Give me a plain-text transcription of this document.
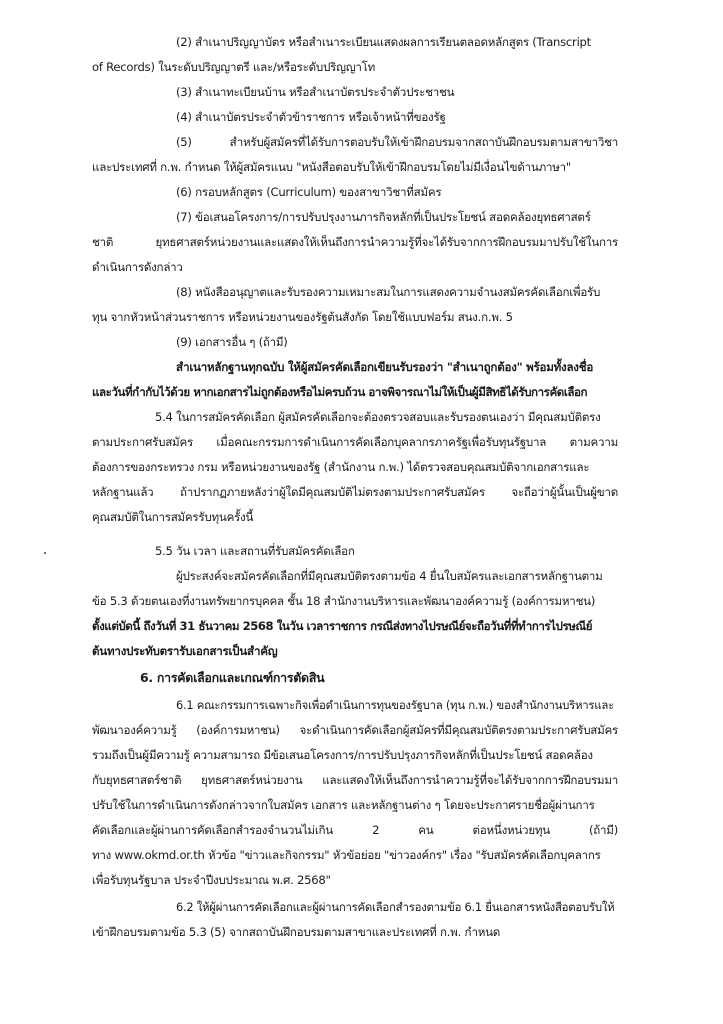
(2) สำเนาปริญญาบัตร หรือสำเนาระเบียนแสดงผลการเรียนตลอดหลักสูตร (Transcript
of Records) ในระดับปริญญาตรี และ/หรือระดับปริญญาโท
(3) สำเนาทะเบียนบ้าน หรือสำเนาบัตรประจำตัวประชาชน
(4) สำเนาบัตรประจำตัวข้าราชการ หรือเจ้าหน้าที่ของรัฐ
(5)	สำหรับผู้สมัครที่ได้รับการตอบรับให้เข้าฝึกอบรมจากสถาบันฝึกอบรมตามสาขาวิชา
และประเทศที่ ก.พ. กำหนด ให้ผู้สมัครแนบ "หนังสือตอบรับให้เข้าฝึกอบรมโดยไม่มีเงื่อนไขด้านภาษา"
(6) กรอบหลักสูตร (Curriculum) ของสาขาวิชาที่สมัคร
(7) ข้อเสนอโครงการ/การปรับปรุงงานภารกิจหลักที่เป็นประโยชน์ สอดคล้องยุทธศาสตร์
ชาติ	ยุทธศาสตร์หน่วยงานและแสดงให้เห็นถึงการนำความรู้ที่จะได้รับจากการฝึกอบรมมาปรับใช้ในการ
ดำเนินการดังกล่าว
(8) หนังสืออนุญาตและรับรองความเหมาะสมในการแสดงความจำนงสมัครคัดเลือกเพื่อรับ
ทุน จากหัวหน้าส่วนราชการ หรือหน่วยงานของรัฐต้นสังกัด โดยใช้แบบฟอร์ม สนง.ก.พ. 5
(9) เอกสารอื่น ๆ (ถ้ามี)
สำเนาหลักฐานทุกฉบับ ให้ผู้สมัครคัดเลือกเขียนรับรองว่า "สำเนาถูกต้อง" พร้อมทั้งลงชื่อ
และวันที่กำกับไว้ด้วย หากเอกสารไม่ถูกต้องหรือไม่ครบถ้วน อาจพิจารณาไม่ให้เป็นผู้มีสิทธิได้รับการคัดเลือก
5.4 ในการสมัครคัดเลือก ผู้สมัครคัดเลือกจะต้องตรวจสอบและรับรองตนเองว่า มีคุณสมบัติตรง
ตามประกาศรับสมัคร เมื่อคณะกรรมการดำเนินการคัดเลือกบุคลากรภาครัฐเพื่อรับทุนรัฐบาล ตามความ
ต้องการของกระทรวง กรม หรือหน่วยงานของรัฐ (สำนักงาน ก.พ.) ได้ตรวจสอบคุณสมบัติจากเอกสารและ
หลักฐานแล้ว ถ้าปรากฏภายหลังว่าผู้ใดมีคุณสมบัติไม่ตรงตามประกาศรับสมัคร จะถือว่าผู้นั้นเป็นผู้ขาด
คุณสมบัติในการสมัครรับทุนครั้งนี้
5.5 วัน เวลา และสถานที่รับสมัครคัดเลือก
ผู้ประสงค์จะสมัครคัดเลือกที่มีคุณสมบัติตรงตามข้อ 4 ยื่นใบสมัครและเอกสารหลักฐานตาม
ข้อ 5.3 ด้วยตนเองที่งานทรัพยากรบุคคล ชั้น 18 สำนักงานบริหารและพัฒนาองค์ความรู้ (องค์การมหาชน)
ตั้งแต่บัดนี้ ถึงวันที่ 31 ธันวาคม 2568 ในวัน เวลาราชการ กรณีส่งทางไปรษณีย์จะถือวันที่ที่ทำการไปรษณีย์
ต้นทางประทับตรารับเอกสารเป็นสำคัญ
6. การคัดเลือกและเกณฑ์การตัดสิน
6.1 คณะกรรมการเฉพาะกิจเพื่อดำเนินการทุนของรัฐบาล (ทุน ก.พ.) ของสำนักงานบริหารและ
พัฒนาองค์ความรู้ (องค์การมหาชน) จะดำเนินการคัดเลือกผู้สมัครที่มีคุณสมบัติตรงตามประกาศรับสมัคร
รวมถึงเป็นผู้มีความรู้ ความสามารถ มีข้อเสนอโครงการ/การปรับปรุงภารกิจหลักที่เป็นประโยชน์ สอดคล้อง
กับยุทธศาสตร์ชาติ ยุทธศาสตร์หน่วยงาน และแสดงให้เห็นถึงการนำความรู้ที่จะได้รับจากการฝึกอบรมมา
ปรับใช้ในการดำเนินการดังกล่าวจากใบสมัคร เอกสาร และหลักฐานต่าง ๆ โดยจะประกาศรายชื่อผู้ผ่านการ
คัดเลือกและผู้ผ่านการคัดเลือกสำรองจำนวนไม่เกิน	2	คน	ต่อหนึ่งหน่วยทุน	(ถ้ามี)
ทาง www.okmd.or.th หัวข้อ "ข่าวและกิจกรรม" หัวข้อย่อย "ข่าวองค์กร" เรื่อง "รับสมัครคัดเลือกบุคลากร
เพื่อรับทุนรัฐบาล ประจำปีงบประมาณ พ.ศ. 2568"
6.2 ให้ผู้ผ่านการคัดเลือกและผู้ผ่านการคัดเลือกสำรองตามข้อ 6.1 ยื่นเอกสารหนังสือตอบรับให้
เข้าฝึกอบรมตามข้อ 5.3 (5) จากสถาบันฝึกอบรมตามสาขาและประเทศที่ ก.พ. กำหนด
